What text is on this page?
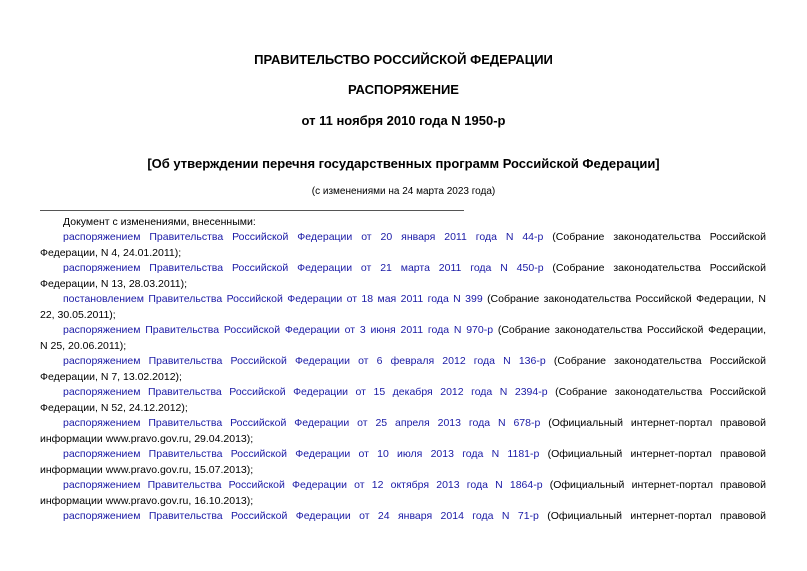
ПРАВИТЕЛЬСТВО РОССИЙСКОЙ ФЕДЕРАЦИИ
РАСПОРЯЖЕНИЕ
от 11 ноября 2010 года N 1950-р
[Об утверждении перечня государственных программ Российской Федерации]
(с изменениями на 24 марта 2023 года)
Документ с изменениями, внесенными:

распоряжением Правительства Российской Федерации от 20 января 2011 года N 44-р (Собрание законодательства Российской
Федерации, N 4, 24.01.2011);

распоряжением Правительства Российской Федерации от 21 марта 2011 года N 450-р (Собрание законодательства Российской
Федерации, N 13, 28.03.2011);

постановлением Правительства Российской Федерации от 18 мая 2011 года N 399 (Собрание законодательства Российской Федерации, N
22, 30.05.2011);

распоряжением Правительства Российской Федерации от 3 июня 2011 года N 970-р (Собрание законодательства Российской Федерации,
N 25, 20.06.2011);

распоряжением Правительства Российской Федерации от 6 февраля 2012 года N 136-р (Собрание законодательства Российской
Федерации, N 7, 13.02.2012);

распоряжением Правительства Российской Федерации от 15 декабря 2012 года N 2394-р (Собрание законодательства Российской
Федерации, N 52, 24.12.2012);

распоряжением Правительства Российской Федерации от 25 апреля 2013 года N 678-р (Официальный интернет-портал правовой
информации www.pravo.gov.ru, 29.04.2013);

распоряжением Правительства Российской Федерации от 10 июля 2013 года N 1181-р (Официальный интернет-портал правовой
информации www.pravo.gov.ru, 15.07.2013);

распоряжением Правительства Российской Федерации от 12 октября 2013 года N 1864-р (Официальный интернет-портал правовой
информации www.pravo.gov.ru, 16.10.2013);

распоряжением Правительства Российской Федерации от 24 января 2014 года N 71-р (Официальный интернет-портал правовой
